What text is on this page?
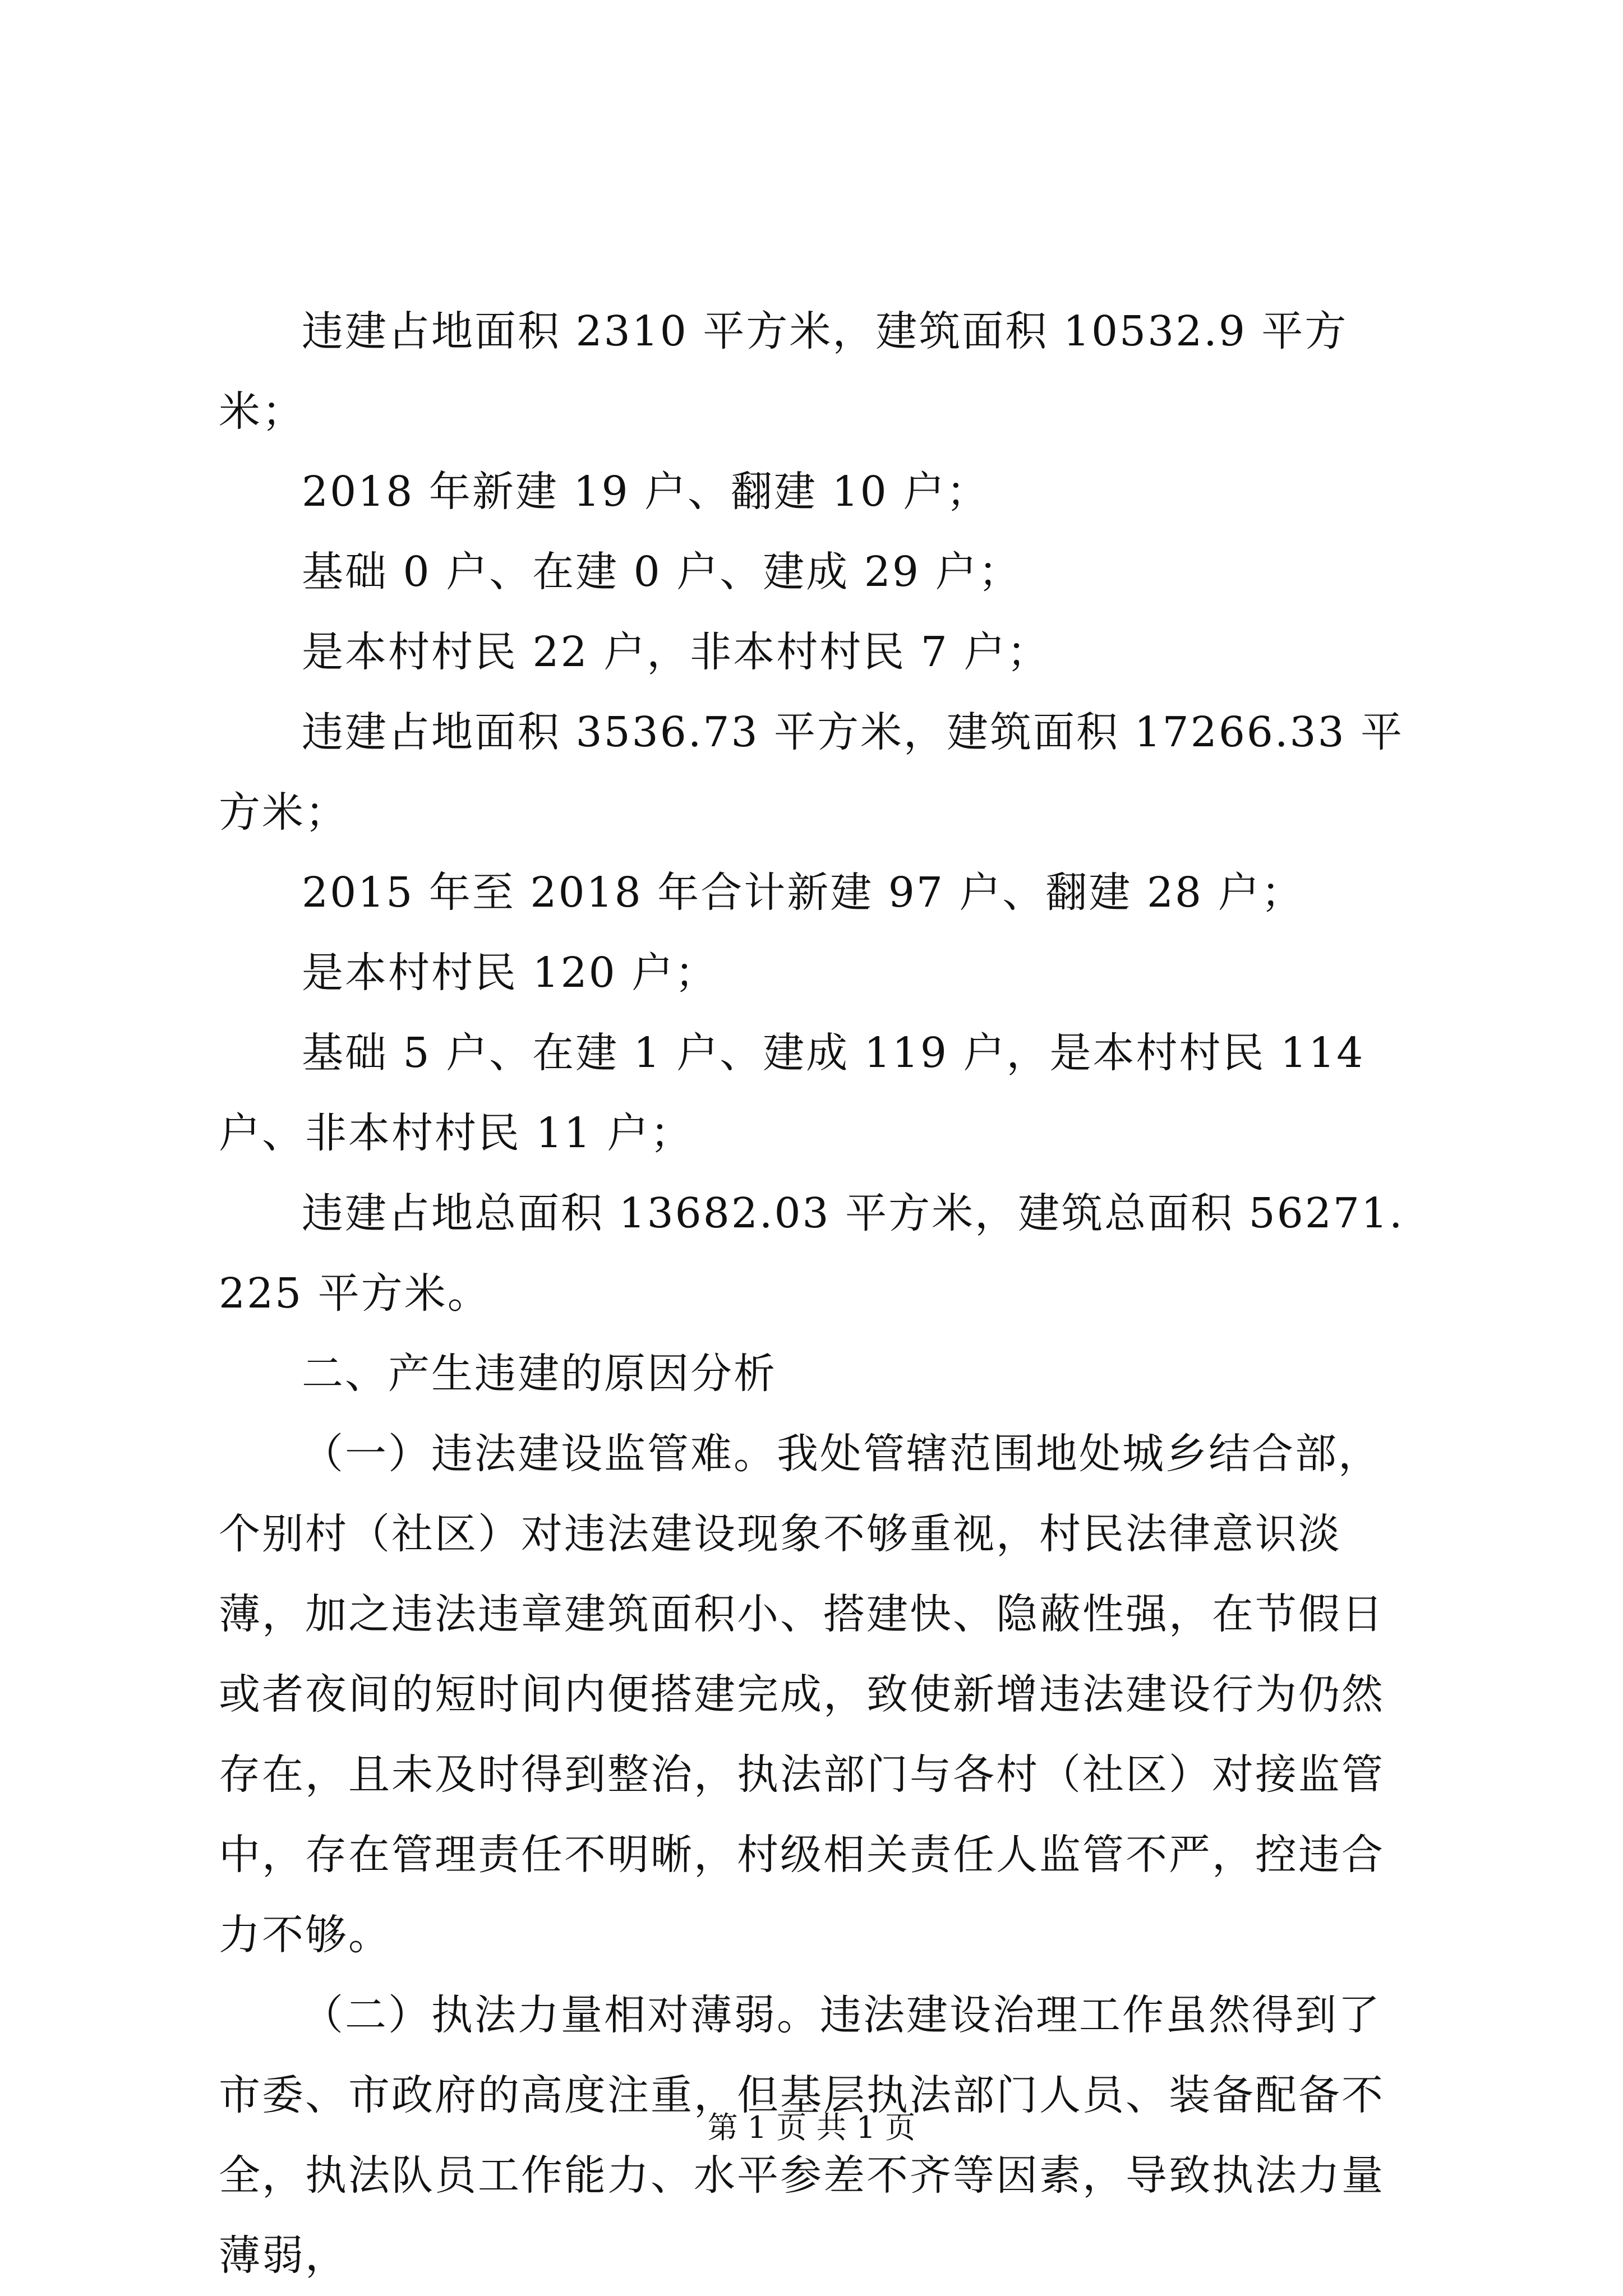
违建占地面积 2310 平方米，建筑面积 10532.9 平方米；

2018 年新建 19 户、翻建 10 户；

基础 0 户、在建 0 户、建成 29 户；

是本村村民 22 户，非本村村民 7 户；

违建占地面积 3536.73 平方米，建筑面积 17266.33 平方米；

2015 年至 2018 年合计新建 97 户、翻建 28 户；

是本村村民 120 户；

基础 5 户、在建 1 户、建成 119 户，是本村村民 114 户、非本村村民 11 户；

违建占地总面积 13682.03 平方米，建筑总面积 56271.225 平方米。

二、产生违建的原因分析

（一）违法建设监管难。我处管辖范围地处城乡结合部，个别村（社区）对违法建设现象不够重视，村民法律意识淡薄，加之违法违章建筑面积小、搭建快、隐蔽性强，在节假日或者夜间的短时间内便搭建完成，致使新增违法建设行为仍然存在，且未及时得到整治，执法部门与各村（社区）对接监管中，存在管理责任不明晰，村级相关责任人监管不严，控违合力不够。

（二）执法力量相对薄弱。违法建设治理工作虽然得到了市委、市政府的高度注重，但基层执法部门人员、装备配备不全，执法队员工作能力、水平参差不齐等因素，导致执法力量薄弱，

第 1 页 共 1 页
